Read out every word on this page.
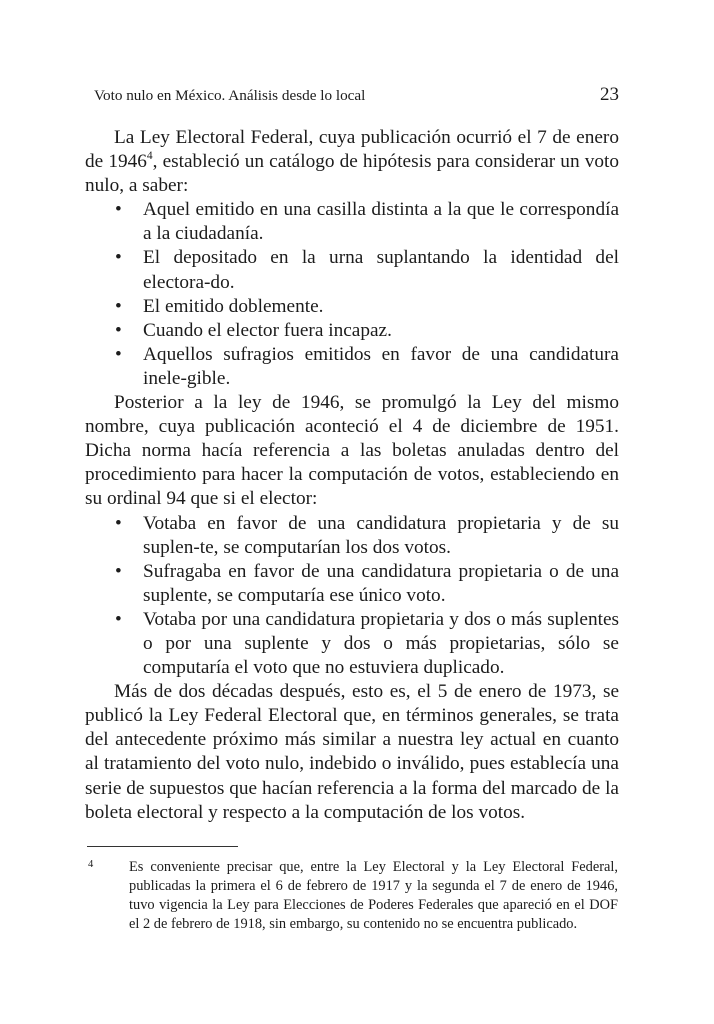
Voto nulo en México. Análisis desde lo local	23

La Ley Electoral Federal, cuya publicación ocurrió el 7 de enero de 1946$^4$, estableció un catálogo de hipótesis para considerar un voto nulo, a saber:

• Aquel emitido en una casilla distinta a la que le correspondía a la ciudadanía.
• El depositado en la urna suplantando la identidad del electora-do.
• El emitido doblemente.
• Cuando el elector fuera incapaz.
• Aquellos sufragios emitidos en favor de una candidatura inele-gible.

Posterior a la ley de 1946, se promulgó la Ley del mismo nombre, cuya publicación aconteció el 4 de diciembre de 1951. Dicha norma hacía referencia a las boletas anuladas dentro del procedimiento para hacer la computación de votos, estableciendo en su ordinal 94 que si el elector:

• Votaba en favor de una candidatura propietaria y de su suplen-te, se computarían los dos votos.
• Sufragaba en favor de una candidatura propietaria o de una suplente, se computaría ese único voto.
• Votaba por una candidatura propietaria y dos o más suplentes o por una suplente y dos o más propietarias, sólo se computaría el voto que no estuviera duplicado.

Más de dos décadas después, esto es, el 5 de enero de 1973, se publicó la Ley Federal Electoral que, en términos generales, se trata del antecedente próximo más similar a nuestra ley actual en cuanto al tratamiento del voto nulo, indebido o inválido, pues establecía una serie de supuestos que hacían referencia a la forma del marcado de la boleta electoral y respecto a la computación de los votos.

4 Es conveniente precisar que, entre la Ley Electoral y la Ley Electoral Federal, publicadas la primera el 6 de febrero de 1917 y la segunda el 7 de enero de 1946, tuvo vigencia la Ley para Elecciones de Poderes Federales que apareció en el DOF el 2 de febrero de 1918, sin embargo, su contenido no se encuentra publicado.
